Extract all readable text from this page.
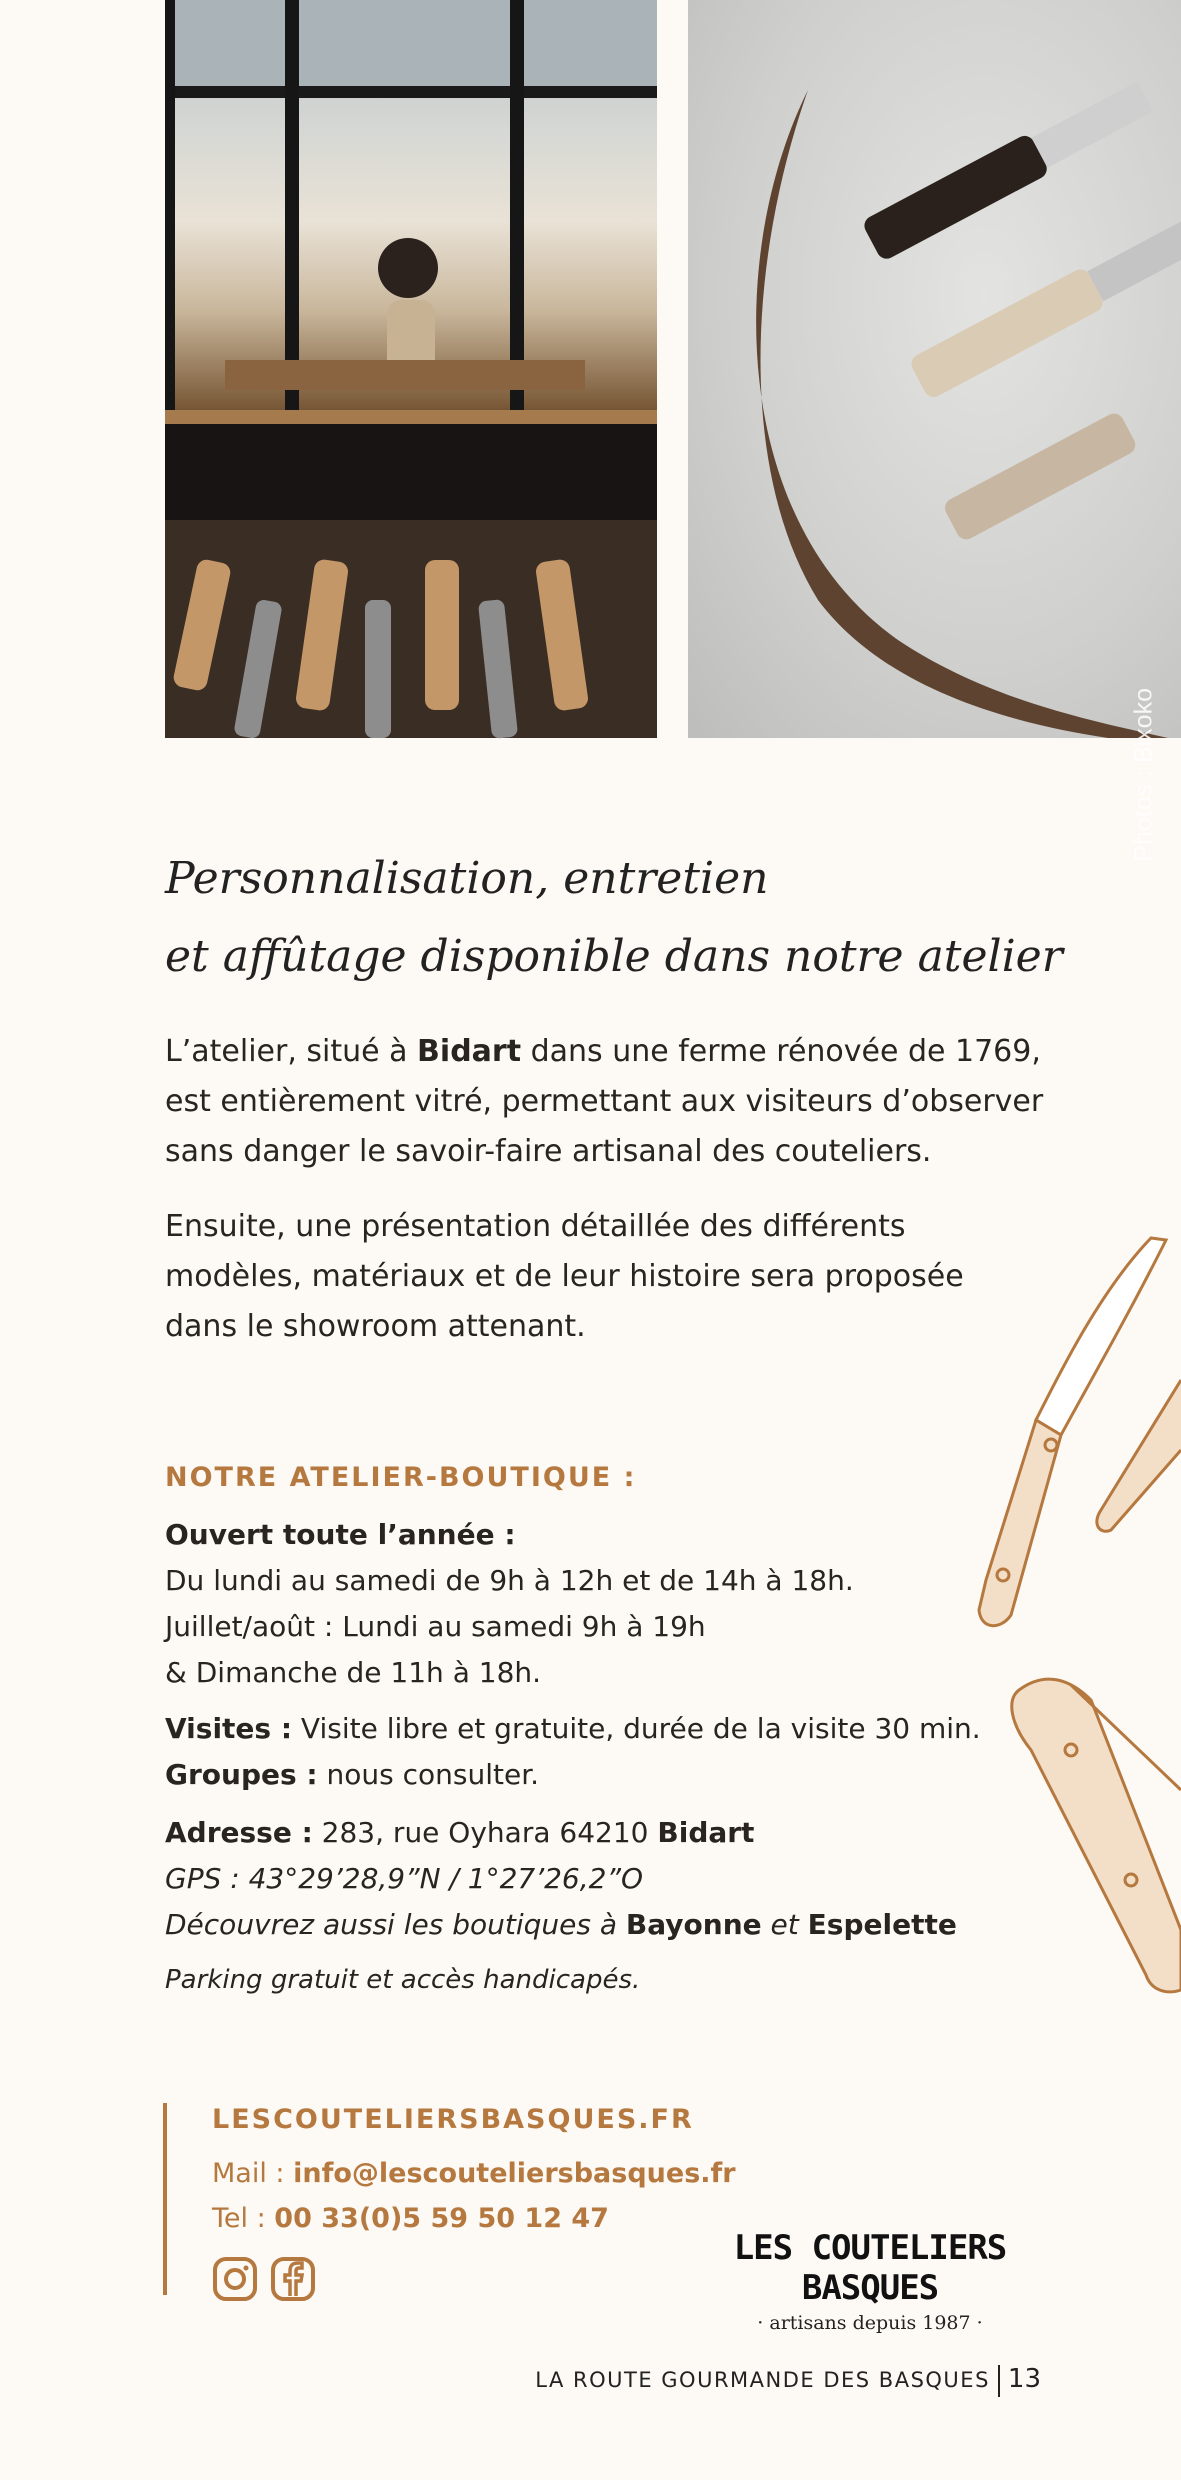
Photos : Bixoko
Personnalisation, entretien
et affûtage disponible dans notre atelier

L’atelier, situé à Bidart dans une ferme rénovée de 1769, est entièrement vitré, permettant aux visiteurs d’observer sans danger le savoir-faire artisanal des couteliers.

Ensuite, une présentation détaillée des différents modèles, matériaux et de leur histoire sera proposée dans le showroom attenant.

NOTRE ATELIER-BOUTIQUE :
Ouvert toute l’année :
Du lundi au samedi de 9h à 12h et de 14h à 18h.
Juillet/août : Lundi au samedi 9h à 19h
& Dimanche de 11h à 18h.
Visites : Visite libre et gratuite, durée de la visite 30 min.
Groupes : nous consulter.
Adresse : 283, rue Oyhara 64210 Bidart
GPS : 43°29’28,9”N / 1°27’26,2”O
Découvrez aussi les boutiques à Bayonne et Espelette
Parking gratuit et accès handicapés.
LESCOUTELIERSBASQUES.FR
Mail : info@lescouteliersbasques.fr
Tel : 00 33(0)5 59 50 12 47
LES COUTELIERS BASQUES
· artisans depuis 1987 ·
LA ROUTE GOURMANDE DES BASQUES 13
